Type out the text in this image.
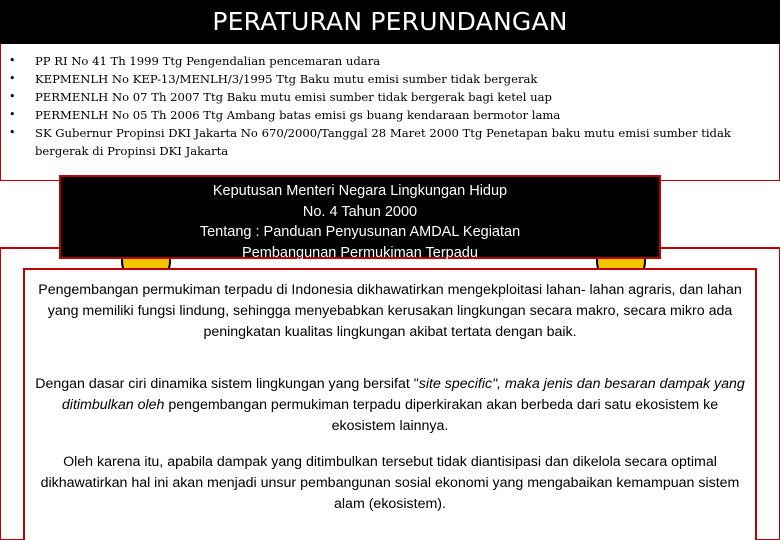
PERATURAN PERUNDANGAN
• PP RI No 41 Th 1999 Ttg Pengendalian pencemaran udara
• KEPMENLH No KEP-13/MENLH/3/1995 Ttg Baku mutu emisi sumber tidak bergerak
• PERMENLH No 07 Th 2007 Ttg Baku mutu emisi sumber tidak bergerak bagi ketel uap
• PERMENLH No 05 Th 2006 Ttg Ambang batas emisi gs buang kendaraan bermotor lama
• SK Gubernur Propinsi DKI Jakarta No 670/2000/Tanggal 28 Maret 2000 Ttg Penetapan baku mutu emisi sumber tidak bergerak di Propinsi DKI Jakarta
Keputusan Menteri Negara Lingkungan Hidup
No. 4 Tahun 2000
Tentang : Panduan Penyusunan AMDAL Kegiatan
Pembangunan Permukiman Terpadu

Pengembangan permukiman terpadu di Indonesia dikhawatirkan mengekploitasi lahan- lahan agraris, dan lahan yang memiliki fungsi lindung, sehingga menyebabkan kerusakan lingkungan secara makro, secara mikro ada peningkatan kualitas lingkungan akibat tertata dengan baik.

Dengan dasar ciri dinamika sistem lingkungan yang bersifat "site specific", maka jenis dan besaran dampak yang ditimbulkan oleh pengembangan permukiman terpadu diperkirakan akan berbeda dari satu ekosistem ke ekosistem lainnya.

Oleh karena itu, apabila dampak yang ditimbulkan tersebut tidak diantisipasi dan dikelola secara optimal dikhawatirkan hal ini akan menjadi unsur pembangunan sosial ekonomi yang mengabaikan kemampuan sistem alam (ekosistem).
